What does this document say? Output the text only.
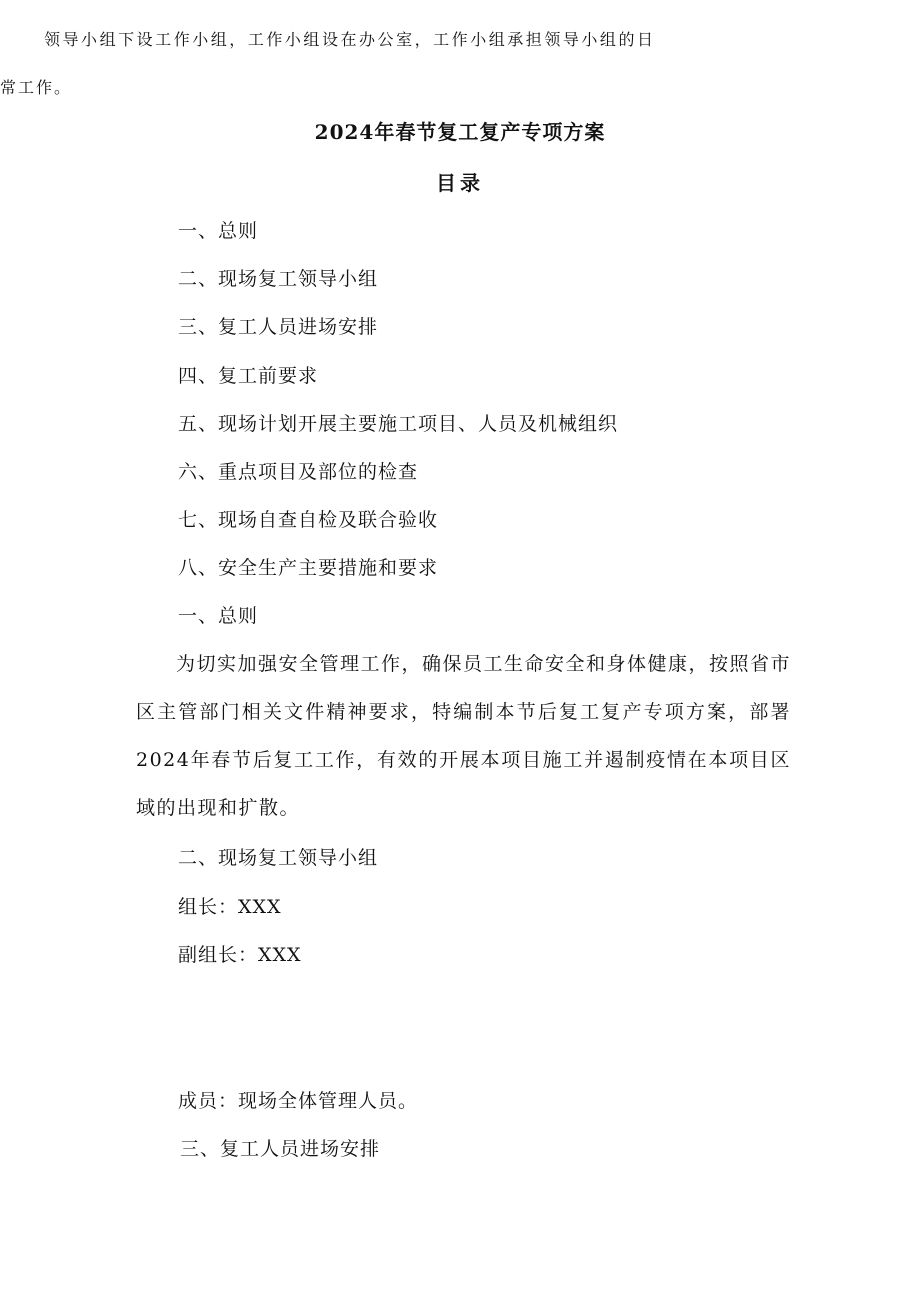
2024年春节复工复产专项方案
目录

一、总则

二、现场复工领导小组

三、复工人员进场安排

四、复工前要求

五、现场计划开展主要施工项目、人员及机械组织

六、重点项目及部位的检查

七、现场自查自检及联合验收

八、安全生产主要措施和要求

一、总则

为切实加强安全管理工作，确保员工生命安全和身体健康，按照省市区主管部门相关文件精神要求，特编制本节后复工复产专项方案，部署2024年春节后复工工作，有效的开展本项目施工并遏制疫情在本项目区域的出现和扩散。

二、现场复工领导小组

组长：XXX

副组长：XXX

领导小组下设工作小组，工作小组设在办公室，工作小组承担领导小组的日常工作。

成员：现场全体管理人员。

三、复工人员进场安排
